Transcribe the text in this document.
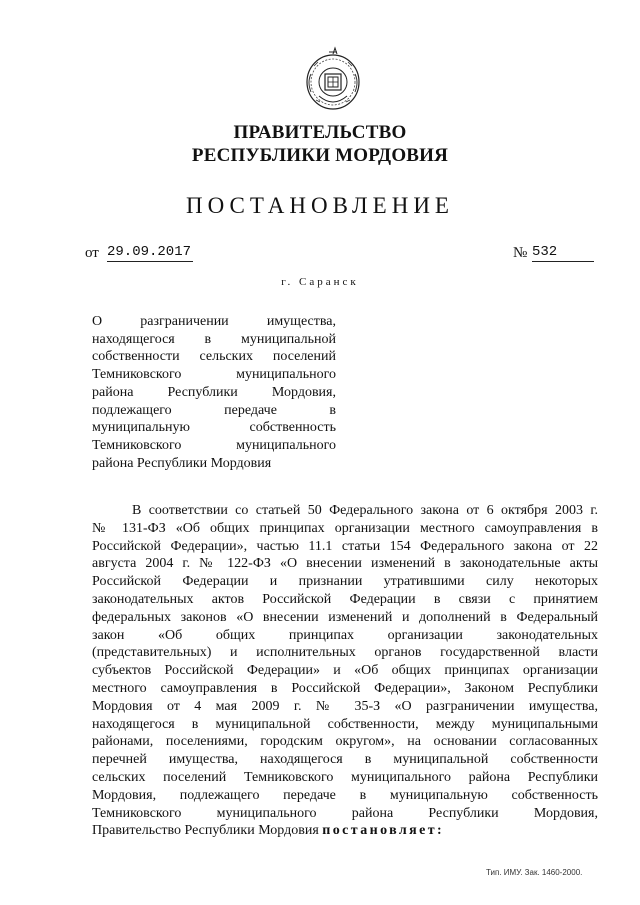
ПРАВИТЕЛЬСТВО
РЕСПУБЛИКИ МОРДОВИЯ
ПОСТАНОВЛЕНИЕ
от 29.09.2017	№ 532
г. Саранск
О разграничении имущества,
находящегося в муниципальной
собственности сельских поселений
Темниковского муниципального
района Республики Мордовия,
подлежащего передаче в
муниципальную собственность
Темниковского муниципального
района Республики Мордовия
В соответствии со статьей 50 Федерального закона от 6 октября 2003 г.
№ 131-ФЗ «Об общих принципах организации местного самоуправления в
Российской Федерации», частью 11.1 статьи 154 Федерального закона от 22
августа 2004 г. № 122-ФЗ «О внесении изменений в законодательные акты
Российской Федерации и признании утратившими силу некоторых
законодательных актов Российской Федерации в связи с принятием
федеральных законов «О внесении изменений и дополнений в Федеральный
закон «Об общих принципах организации законодательных
(представительных) и исполнительных органов государственной власти
субъектов Российской Федерации» и «Об общих принципах организации
местного самоуправления в Российской Федерации», Законом Республики
Мордовия от 4 мая 2009 г. № 35-З «О разграничении имущества,
находящегося в муниципальной собственности, между муниципальными
районами, поселениями, городским округом», на основании согласованных
перечней имущества, находящегося в муниципальной собственности
сельских поселений Темниковского муниципального района Республики
Мордовия, подлежащего передаче в муниципальную собственность
Темниковского муниципального района Республики Мордовия,
Правительство Республики Мордовия постановляет:
Тип. ИМУ. Зак. 1460-2000.
